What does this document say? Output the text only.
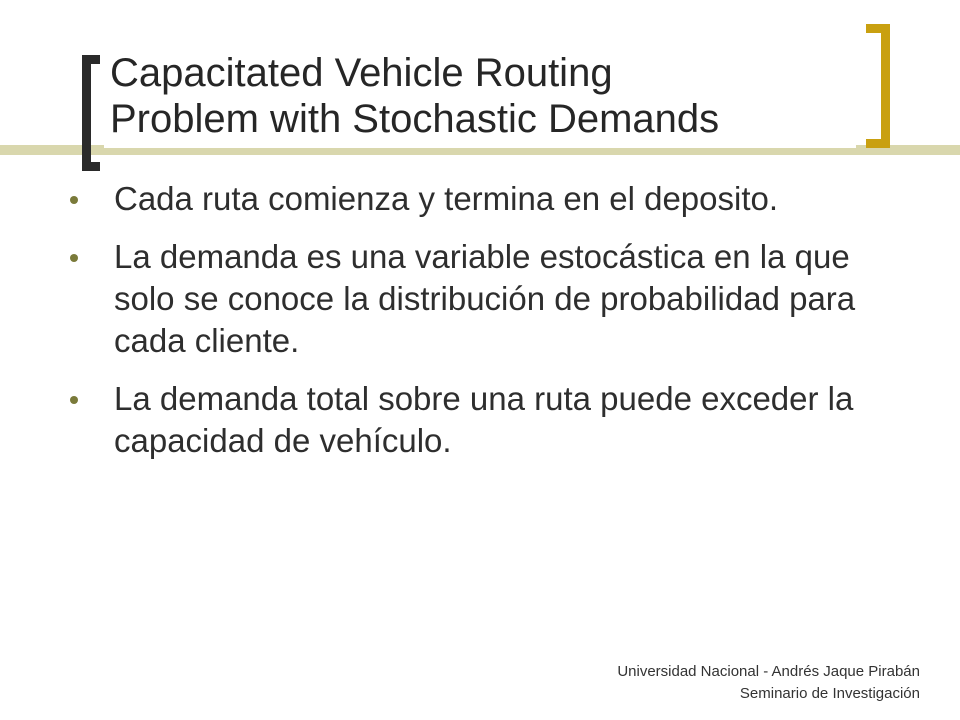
Capacitated Vehicle Routing
Problem with Stochastic Demands
Cada ruta comienza y termina en el deposito.
La demanda es una variable estocástica en la que solo se conoce la distribución de probabilidad para cada cliente.
La demanda total sobre una ruta puede exceder la capacidad de vehículo.
Universidad Nacional - Andrés Jaque Pirabán
Seminario de Investigación
